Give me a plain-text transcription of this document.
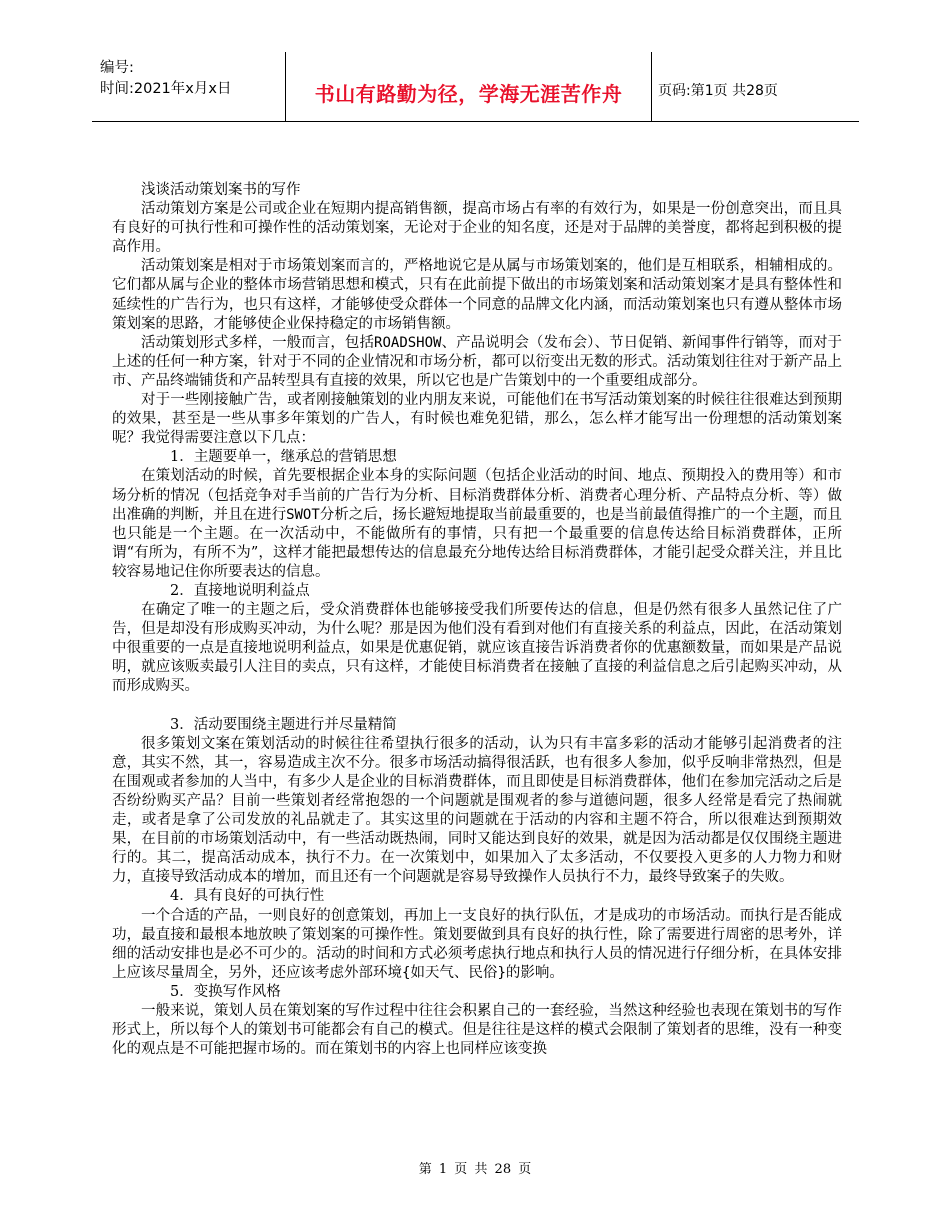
编号:
时间:2021年x月x日	书山有路勤为径，学海无涯苦作舟	页码:第1页 共28页

浅谈活动策划案书的写作

活动策划方案是公司或企业在短期内提高销售额，提高市场占有率的有效行为，如果是一份创意突出，而且具有良好的可执行性和可操作性的活动策划案，无论对于企业的知名度，还是对于品牌的美誉度，都将起到积极的提高作用。

活动策划案是相对于市场策划案而言的，严格地说它是从属与市场策划案的，他们是互相联系，相辅相成的。它们都从属与企业的整体市场营销思想和模式，只有在此前提下做出的市场策划案和活动策划案才是具有整体性和延续性的广告行为，也只有这样，才能够使受众群体一个同意的品牌文化内涵，而活动策划案也只有遵从整体市场策划案的思路，才能够使企业保持稳定的市场销售额。

活动策划形式多样，一般而言，包括ROADSHOW、产品说明会（发布会）、节日促销、新闻事件行销等，而对于上述的任何一种方案，针对于不同的企业情况和市场分析，都可以衍变出无数的形式。活动策划往往对于新产品上市、产品终端铺货和产品转型具有直接的效果，所以它也是广告策划中的一个重要组成部分。

对于一些刚接触广告，或者刚接触策划的业内朋友来说，可能他们在书写活动策划案的时候往往很难达到预期的效果，甚至是一些从事多年策划的广告人，有时候也难免犯错，那么，怎么样才能写出一份理想的活动策划案呢？我觉得需要注意以下几点：

1．主题要单一，继承总的营销思想

在策划活动的时候，首先要根据企业本身的实际问题（包括企业活动的时间、地点、预期投入的费用等）和市场分析的情况（包括竞争对手当前的广告行为分析、目标消费群体分析、消费者心理分析、产品特点分析、等）做出准确的判断，并且在进行SWOT分析之后，扬长避短地提取当前最重要的，也是当前最值得推广的一个主题，而且也只能是一个主题。在一次活动中，不能做所有的事情，只有把一个最重要的信息传达给目标消费群体，正所谓“有所为，有所不为”，这样才能把最想传达的信息最充分地传达给目标消费群体，才能引起受众群关注，并且比较容易地记住你所要表达的信息。

2．直接地说明利益点

在确定了唯一的主题之后，受众消费群体也能够接受我们所要传达的信息，但是仍然有很多人虽然记住了广告，但是却没有形成购买冲动，为什么呢？那是因为他们没有看到对他们有直接关系的利益点，因此，在活动策划中很重要的一点是直接地说明利益点，如果是优惠促销，就应该直接告诉消费者你的优惠额数量，而如果是产品说明，就应该贩卖最引人注目的卖点，只有这样，才能使目标消费者在接触了直接的利益信息之后引起购买冲动，从而形成购买。

3．活动要围绕主题进行并尽量精简

很多策划文案在策划活动的时候往往希望执行很多的活动，认为只有丰富多彩的活动才能够引起消费者的注意，其实不然，其一，容易造成主次不分。很多市场活动搞得很活跃，也有很多人参加，似乎反响非常热烈，但是在围观或者参加的人当中，有多少人是企业的目标消费群体，而且即使是目标消费群体，他们在参加完活动之后是否纷纷购买产品？目前一些策划者经常抱怨的一个问题就是围观者的参与道德问题，很多人经常是看完了热闹就走，或者是拿了公司发放的礼品就走了。其实这里的问题就在于活动的内容和主题不符合，所以很难达到预期效果，在目前的市场策划活动中，有一些活动既热闹，同时又能达到良好的效果，就是因为活动都是仅仅围绕主题进行的。其二，提高活动成本，执行不力。在一次策划中，如果加入了太多活动，不仅要投入更多的人力物力和财力，直接导致活动成本的增加，而且还有一个问题就是容易导致操作人员执行不力，最终导致案子的失败。

4．具有良好的可执行性

一个合适的产品，一则良好的创意策划，再加上一支良好的执行队伍，才是成功的市场活动。而执行是否能成功，最直接和最根本地放映了策划案的可操作性。策划要做到具有良好的执行性，除了需要进行周密的思考外，详细的活动安排也是必不可少的。活动的时间和方式必须考虑执行地点和执行人员的情况进行仔细分析，在具体安排上应该尽量周全，另外，还应该考虑外部环境{如天气、民俗}的影响。

5．变换写作风格

一般来说，策划人员在策划案的写作过程中往往会积累自己的一套经验，当然这种经验也表现在策划书的写作形式上，所以每个人的策划书可能都会有自己的模式。但是往往是这样的模式会限制了策划者的思维，没有一种变化的观点是不可能把握市场的。而在策划书的内容上也同样应该变换

第 1 页 共 28 页
